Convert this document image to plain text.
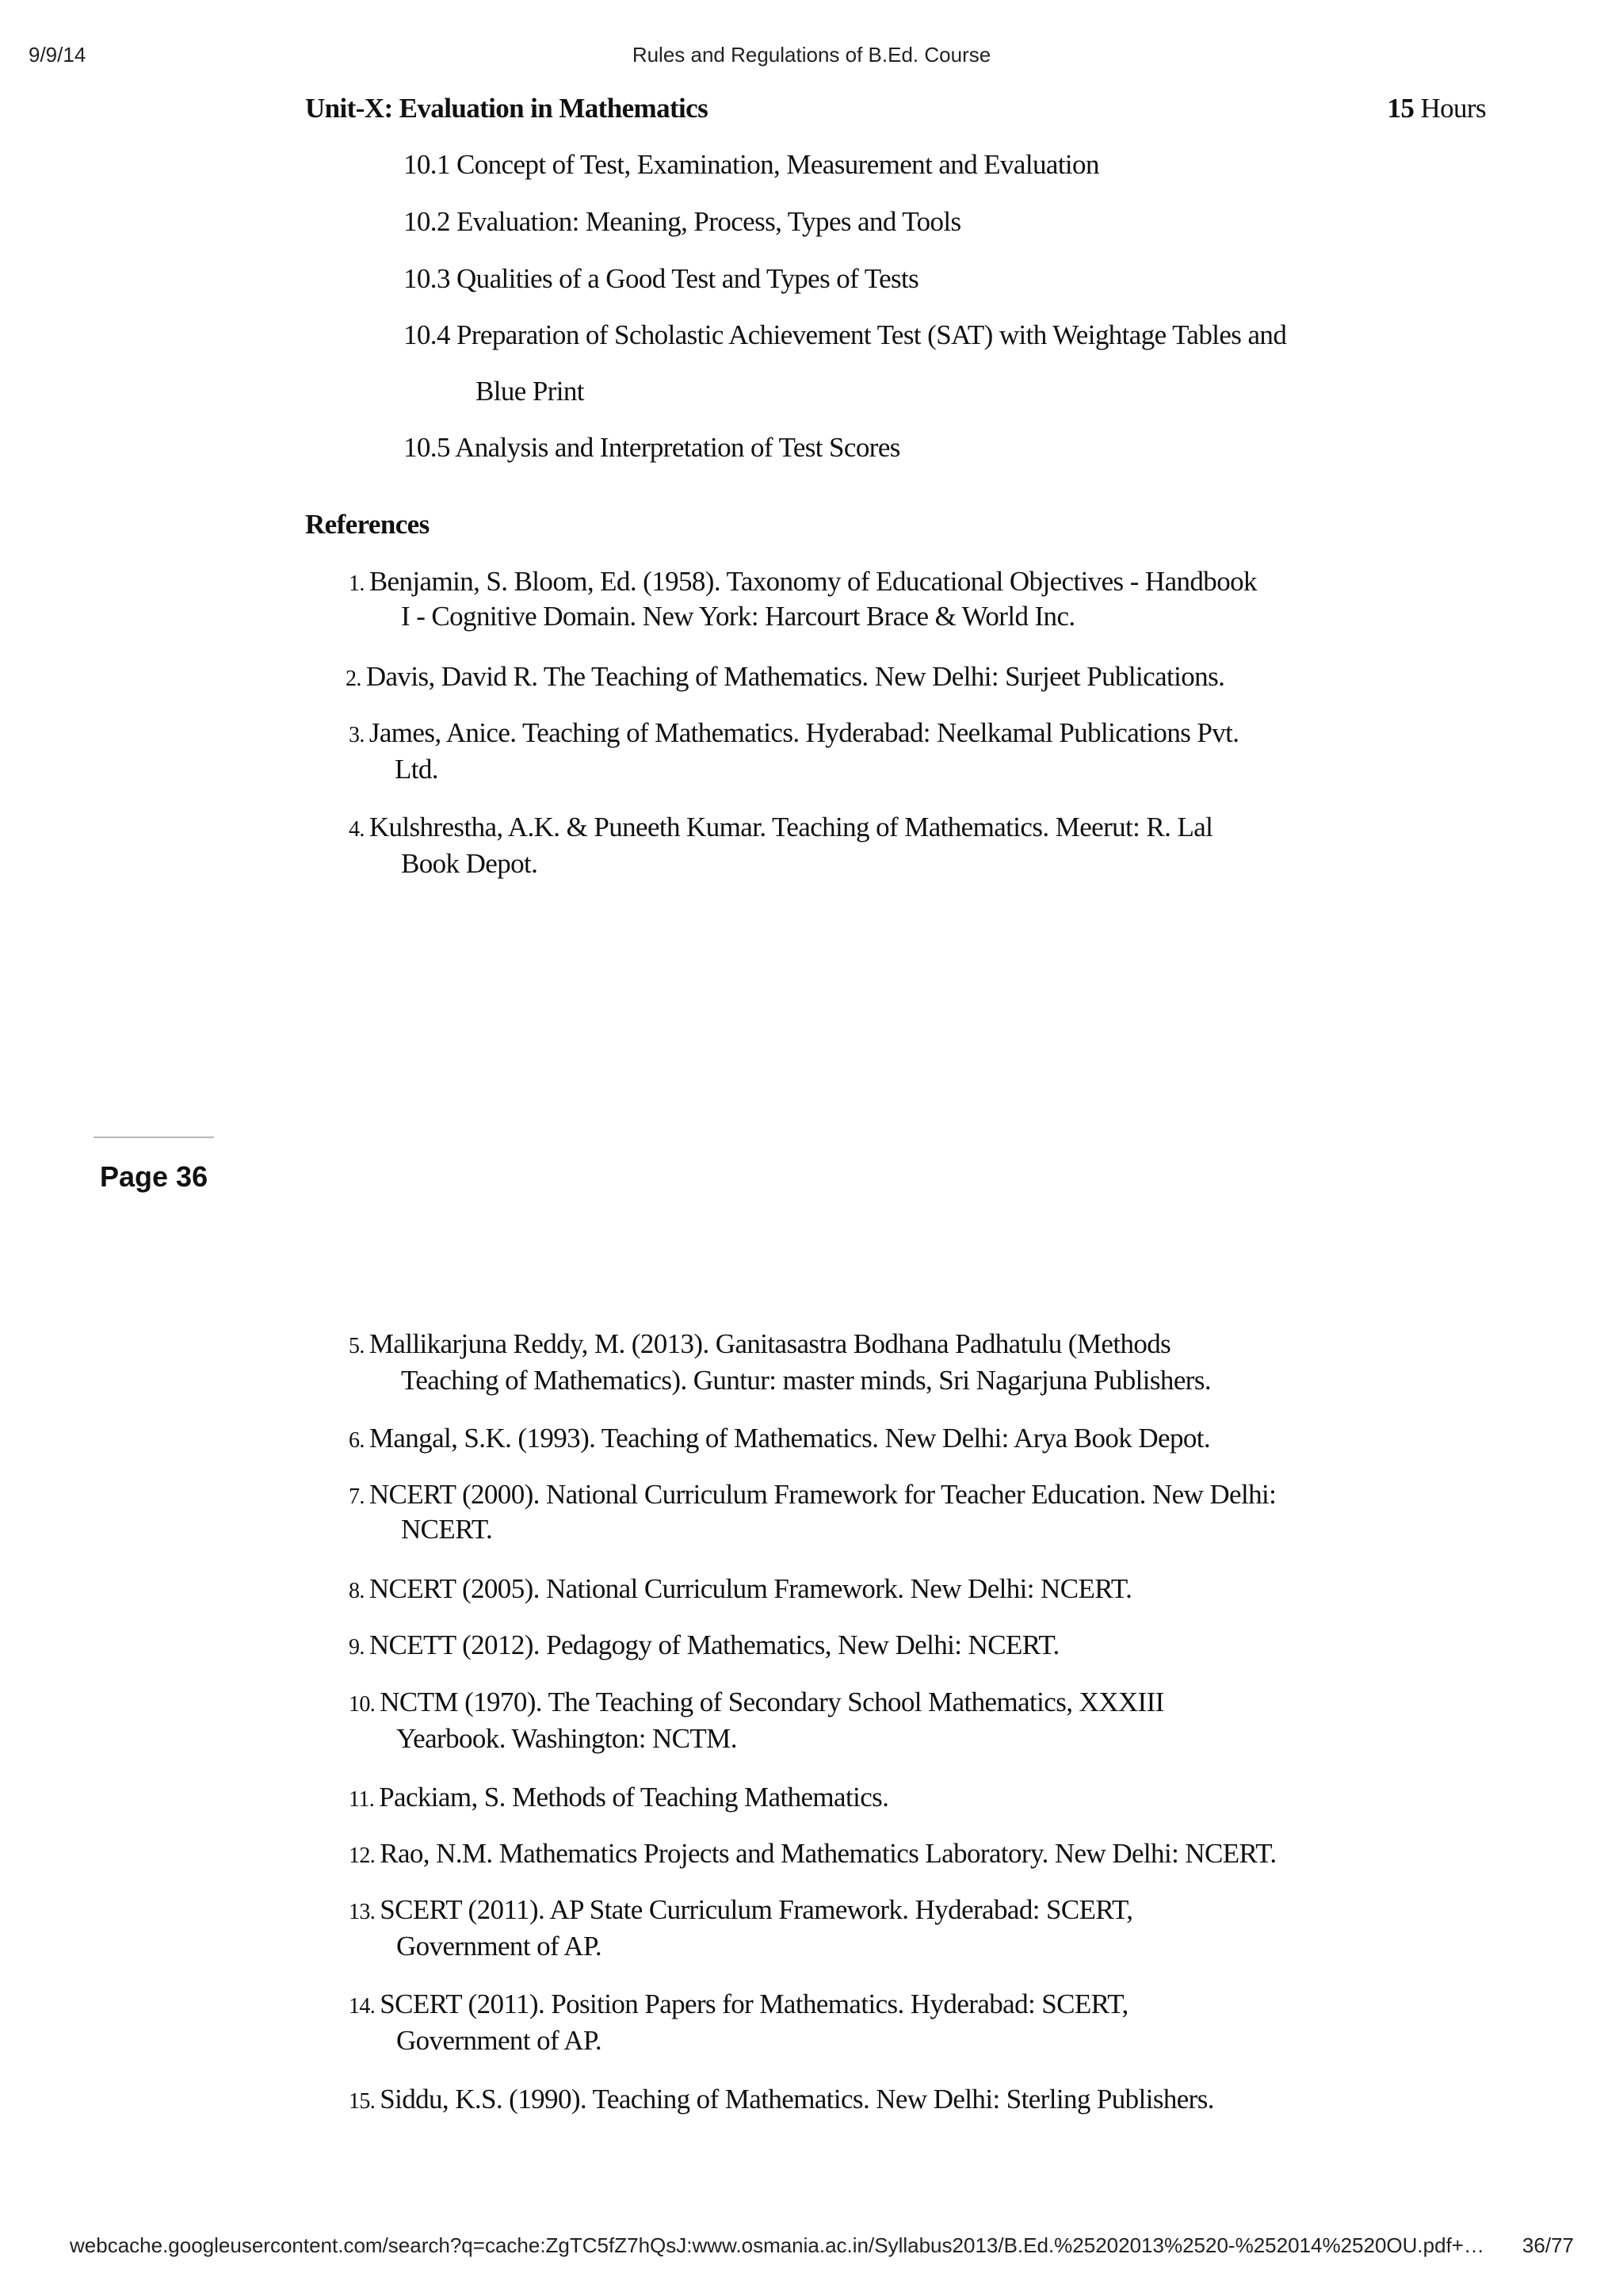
9/9/14	Rules and Regulations of B.Ed. Course
Unit-X: Evaluation in Mathematics	15 Hours
10.1 Concept of Test, Examination, Measurement and Evaluation
10.2 Evaluation: Meaning, Process, Types and Tools
10.3 Qualities of a Good Test and Types of Tests
10.4 Preparation of Scholastic Achievement Test (SAT) with Weightage Tables and
Blue Print
10.5 Analysis and Interpretation of Test Scores
References
1. Benjamin, S. Bloom, Ed. (1958). Taxonomy of Educational Objectives - Handbook
I - Cognitive Domain. New York: Harcourt Brace & World Inc.
2. Davis, David R. The Teaching of Mathematics. New Delhi: Surjeet Publications.
3. James, Anice. Teaching of Mathematics. Hyderabad: Neelkamal Publications Pvt.
Ltd.
4. Kulshrestha, A.K. & Puneeth Kumar. Teaching of Mathematics. Meerut: R. Lal
Book Depot.
Page 36
5. Mallikarjuna Reddy, M. (2013). Ganitasastra Bodhana Padhatulu (Methods
Teaching of Mathematics). Guntur: master minds, Sri Nagarjuna Publishers.
6. Mangal, S.K. (1993). Teaching of Mathematics. New Delhi: Arya Book Depot.
7. NCERT (2000). National Curriculum Framework for Teacher Education. New Delhi:
NCERT.
8. NCERT (2005). National Curriculum Framework. New Delhi: NCERT.
9. NCETT (2012). Pedagogy of Mathematics, New Delhi: NCERT.
10. NCTM (1970). The Teaching of Secondary School Mathematics, XXXIII
Yearbook. Washington: NCTM.
11. Packiam, S. Methods of Teaching Mathematics.
12. Rao, N.M. Mathematics Projects and Mathematics Laboratory. New Delhi: NCERT.
13. SCERT (2011). AP State Curriculum Framework. Hyderabad: SCERT,
Government of AP.
14. SCERT (2011). Position Papers for Mathematics. Hyderabad: SCERT,
Government of AP.
15. Siddu, K.S. (1990). Teaching of Mathematics. New Delhi: Sterling Publishers.
webcache.googleusercontent.com/search?q=cache:ZgTC5fZ7hQsJ:www.osmania.ac.in/Syllabus2013/B.Ed.%25202013%2520-%252014%2520OU.pdf+… 36/77
